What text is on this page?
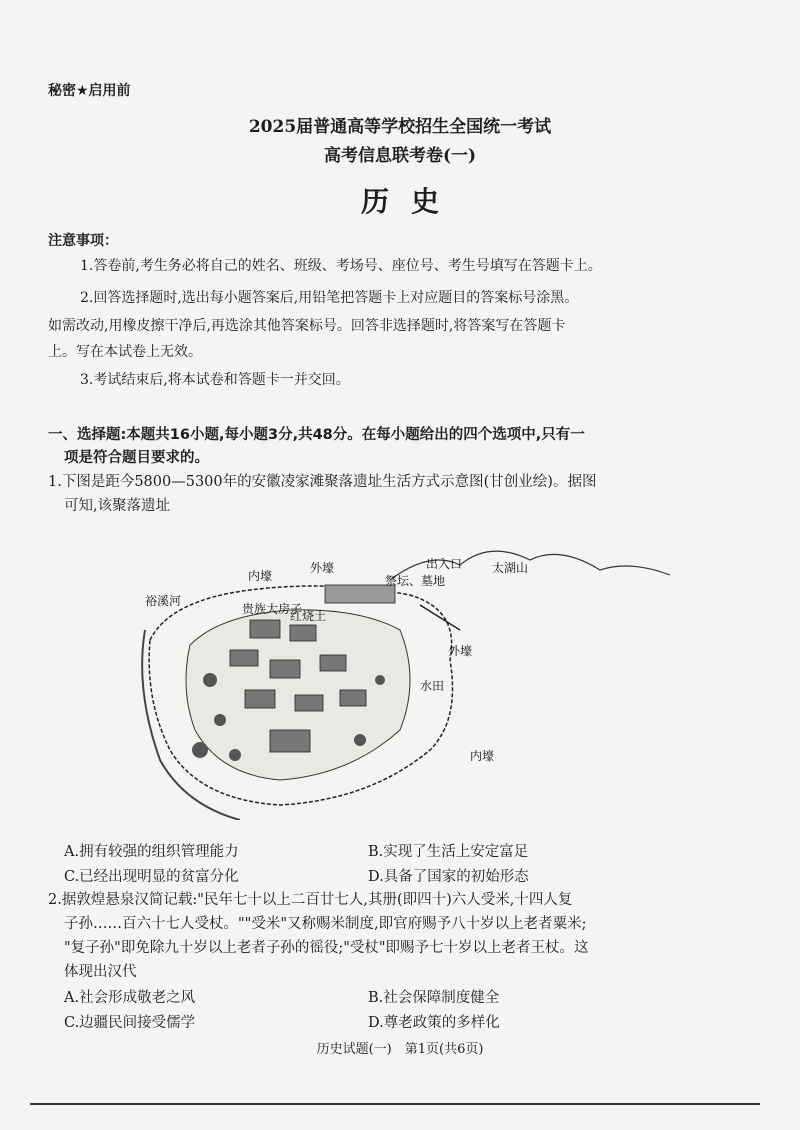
秘密★启用前
2025届普通高等学校招生全国统一考试
高考信息联考卷(一)
历史
注意事项：
1.答卷前,考生务必将自己的姓名、班级、考场号、座位号、考生号填写在答题卡上。
2.回答选择题时,选出每小题答案后,用铅笔把答题卡上对应题目的答案标号涂黑。
如需改动,用橡皮擦干净后,再选涂其他答案标号。回答非选择题时,将答案写在答题卡
上。写在本试卷上无效。
3.考试结束后,将本试卷和答题卡一并交回。
一、选择题:本题共16小题,每小题3分,共48分。在每小题给出的四个选项中,只有一
项是符合题目要求的。
1.下图是距今5800—5300年的安徽凌家滩聚落遗址生活方式示意图(甘创业绘)。据图
可知,该聚落遗址
内壕
外壕	出入口 太湖山
祭坛、墓地
裕溪河
贵族大房子
红烧土
外壕
水田
内壕
A.拥有较强的组织管理能力	B.实现了生活上安定富足
C.已经出现明显的贫富分化	D.具备了国家的初始形态
2.据敦煌悬泉汉简记载:"民年七十以上二百廿七人,其册(即四十)六人受米,十四人复
子孙……百六十七人受杖。""受米"又称赐米制度,即官府赐予八十岁以上老者粟米;
"复子孙"即免除九十岁以上老者子孙的徭役;"受杖"即赐予七十岁以上老者王杖。这
体现出汉代
A.社会形成敬老之风	B.社会保障制度健全
C.边疆民间接受儒学	D.尊老政策的多样化
历史试题(一)　第1页(共6页)
